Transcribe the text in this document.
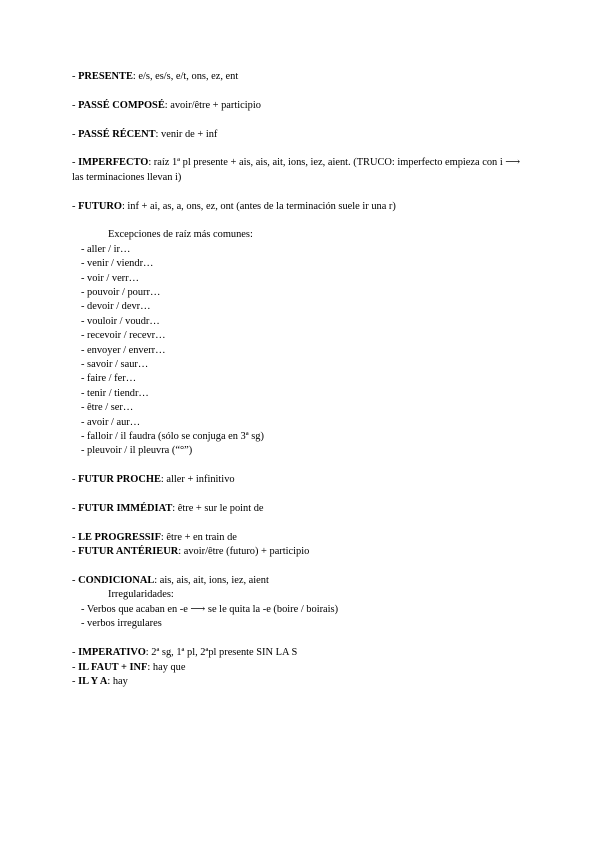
- PRESENTE: e/s, es/s, e/t, ons, ez, ent
- PASSÉ COMPOSÉ: avoir/être + participio
- PASSÉ RÉCENT: venir de + inf
- IMPERFECTO: raíz 1ª pl presente + ais, ais, ait, ions, iez, aient. (TRUCO: imperfecto empieza con i ⟶ las terminaciones llevan i)
- FUTURO: inf + ai, as, a, ons, ez, ont (antes de la terminación suele ir una r)
Excepciones de raíz más comunes:
- aller / ir…
- venir / viendr…
- voir / verr…
- pouvoir / pourr…
- devoir / devr…
- vouloir / voudr…
- recevoir / recevr…
- envoyer / enverr…
- savoir / saur…
- faire / fer…
- tenir / tiendr…
- être / ser…
- avoir / aur…
- falloir / il faudra (sólo se conjuga en 3ª sg)
- pleuvoir / il pleuvra (“°”)
- FUTUR PROCHE: aller + infinitivo
- FUTUR IMMÉDIAT: être + sur le point de
- LE PROGRESSIF: être + en train de
- FUTUR ANTÉRIEUR: avoir/être (futuro) + participio
- CONDICIONAL: ais, ais, ait, ions, iez, aient
Irregularidades:
- Verbos que acaban en -e ⟶ se le quita la -e (boire / boirais)
- verbos irregulares
- IMPERATIVO: 2ª sg, 1ª pl, 2ªpl presente SIN LA S
- IL FAUT + INF: hay que
- IL Y A: hay
